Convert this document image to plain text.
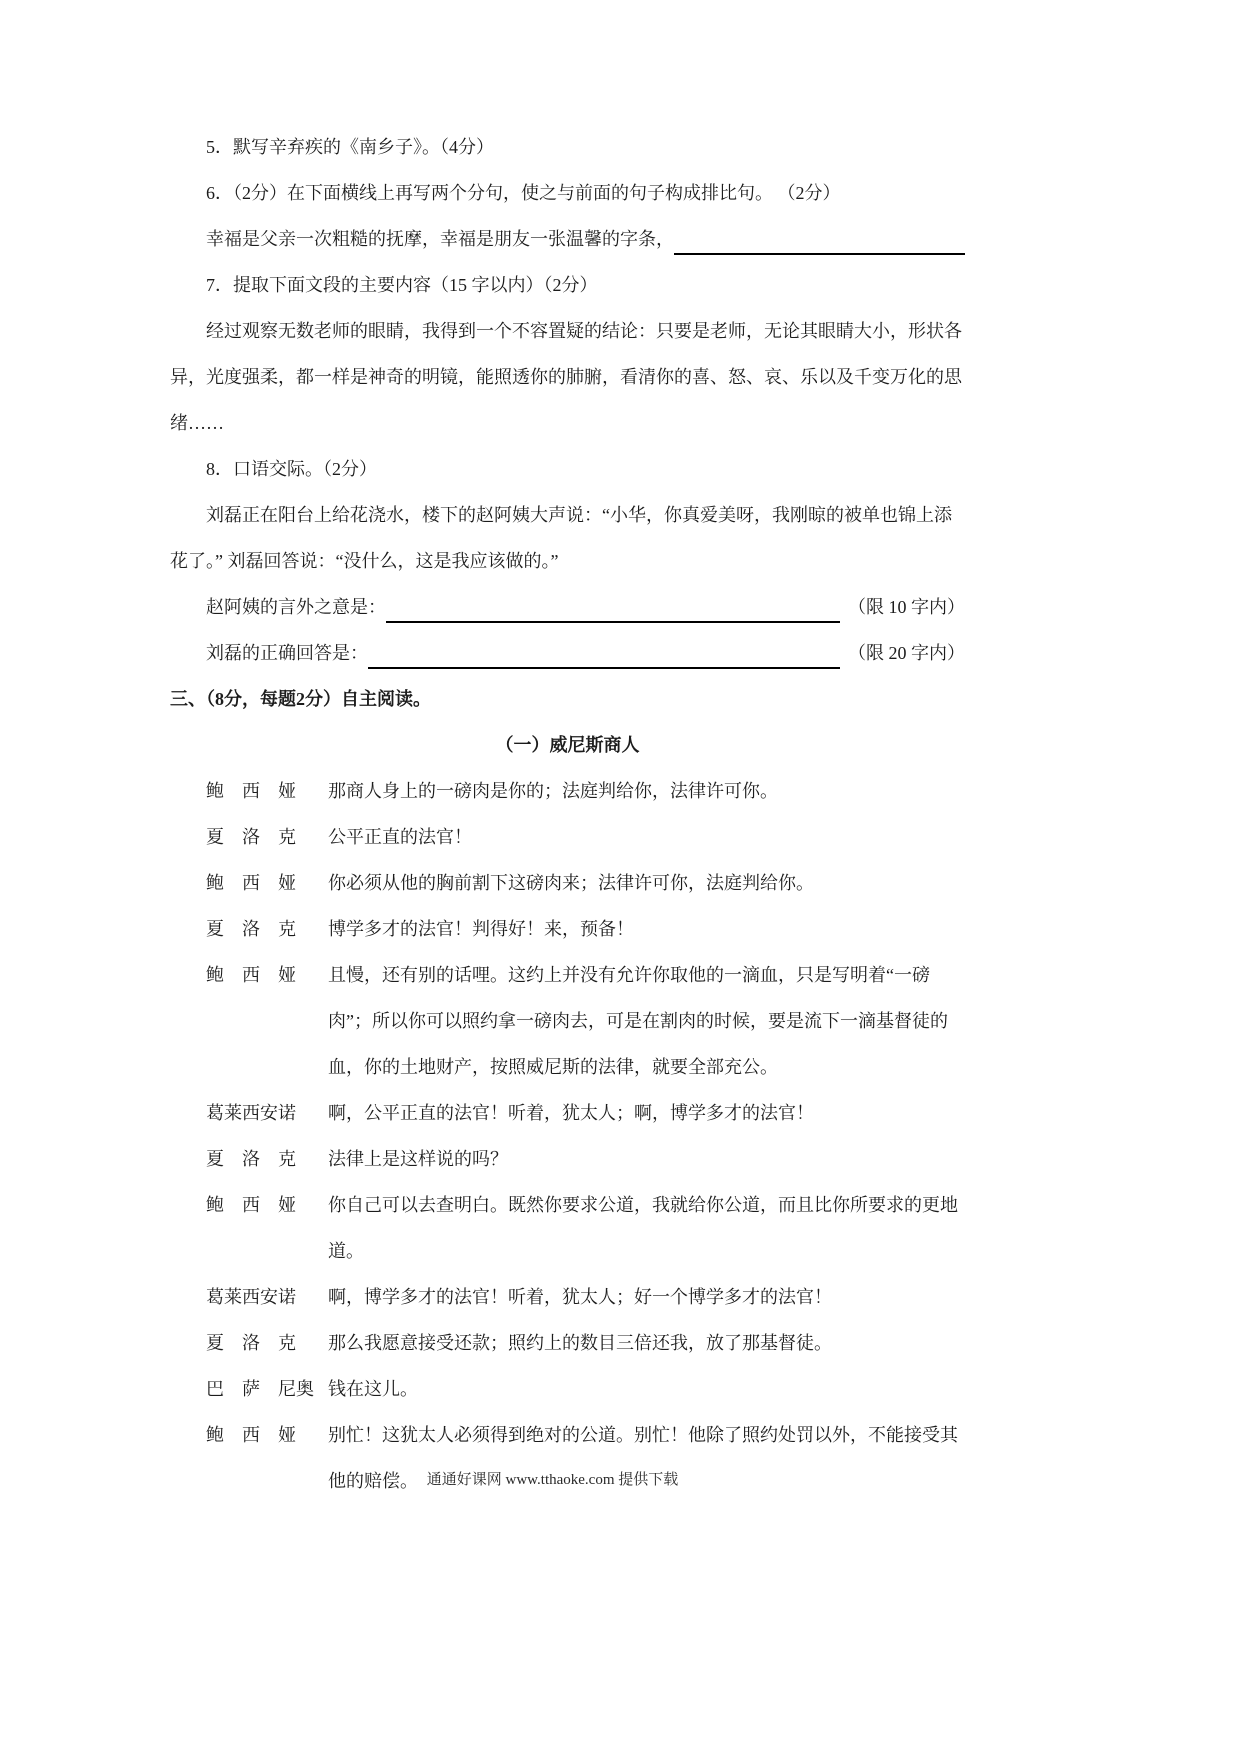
5．默写辛弃疾的《南乡子》。（4分）

6．（2分）在下面横线上再写两个分句，使之与前面的句子构成排比句。 （2分）

幸福是父亲一次粗糙的抚摩，幸福是朋友一张温馨的字条，

7．提取下面文段的主要内容（15 字以内）（2分）

经过观察无数老师的眼睛，我得到一个不容置疑的结论：只要是老师，无论其眼睛大小，形状各异，光度强柔，都一样是神奇的明镜，能照透你的肺腑，看清你的喜、怒、哀、乐以及千变万化的思绪……

8．口语交际。（2分）

刘磊正在阳台上给花浇水，楼下的赵阿姨大声说：“小华，你真爱美呀，我刚晾的被单也锦上添花了。” 刘磊回答说：“没什么，这是我应该做的。”

赵阿姨的言外之意是：	（限 10 字内）
刘磊的正确回答是：	（限 20 字内）

三、（8分，每题2分）自主阅读。

（一）威尼斯商人

鲍　西　娅	那商人身上的一磅肉是你的；法庭判给你，法律许可你。
夏　洛　克	公平正直的法官！
鲍　西　娅	你必须从他的胸前割下这磅肉来；法律许可你，法庭判给你。
夏　洛　克	博学多才的法官！判得好！来，预备！
鲍　西　娅	且慢，还有别的话哩。这约上并没有允许你取他的一滴血，只是写明着“一磅肉”；所以你可以照约拿一磅肉去，可是在割肉的时候，要是流下一滴基督徒的血，你的土地财产，按照威尼斯的法律，就要全部充公。
葛莱西安诺	啊，公平正直的法官！听着，犹太人；啊，博学多才的法官！
夏　洛　克	法律上是这样说的吗？
鲍　西　娅	你自己可以去查明白。既然你要求公道，我就给你公道，而且比你所要求的更地道。
葛莱西安诺	啊，博学多才的法官！听着，犹太人；好一个博学多才的法官！
夏　洛　克	那么我愿意接受还款；照约上的数目三倍还我，放了那基督徒。
巴　萨　尼奥 钱在这儿。
鲍　西　娅	别忙！这犹太人必须得到绝对的公道。别忙！他除了照约处罚以外，不能接受其他的赔偿。 通通好课网 www.tthaoke.com 提供下载
